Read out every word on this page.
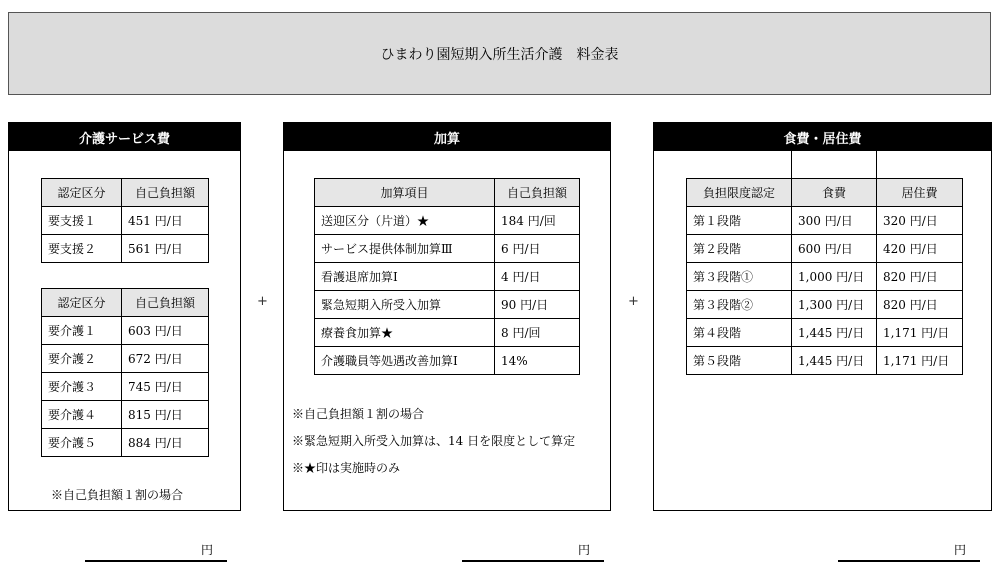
ひまわり園短期入所生活介護　料金表
介護サービス費
認定区分	自己負担額
要支援１	451 円/日
要支援２	561 円/日
認定区分	自己負担額
要介護１	603 円/日
要介護２	672 円/日
要介護３	745 円/日
要介護４	815 円/日
要介護５	884 円/日
※自己負担額１割の場合
+
加算
加算項目	自己負担額
送迎区分（片道）★	184 円/回
サービス提供体制加算Ⅲ	6 円/日
看護退席加算Ⅰ	4 円/日
緊急短期入所受入加算	90 円/日
療養食加算★	8 円/回
介護職員等処遇改善加算Ⅰ	14%
※自己負担額１割の場合
※緊急短期入所受入加算は、14 日を限度として算定
※★印は実施時のみ
+
食費・居住費
負担限度認定	食費	居住費
第１段階	300 円/日	320 円/日
第２段階	600 円/日	420 円/日
第３段階①	1,000 円/日	820 円/日
第３段階②	1,300 円/日	820 円/日
第４段階	1,445 円/日	1,171 円/日
第５段階	1,445 円/日	1,171 円/日
円	円	円
